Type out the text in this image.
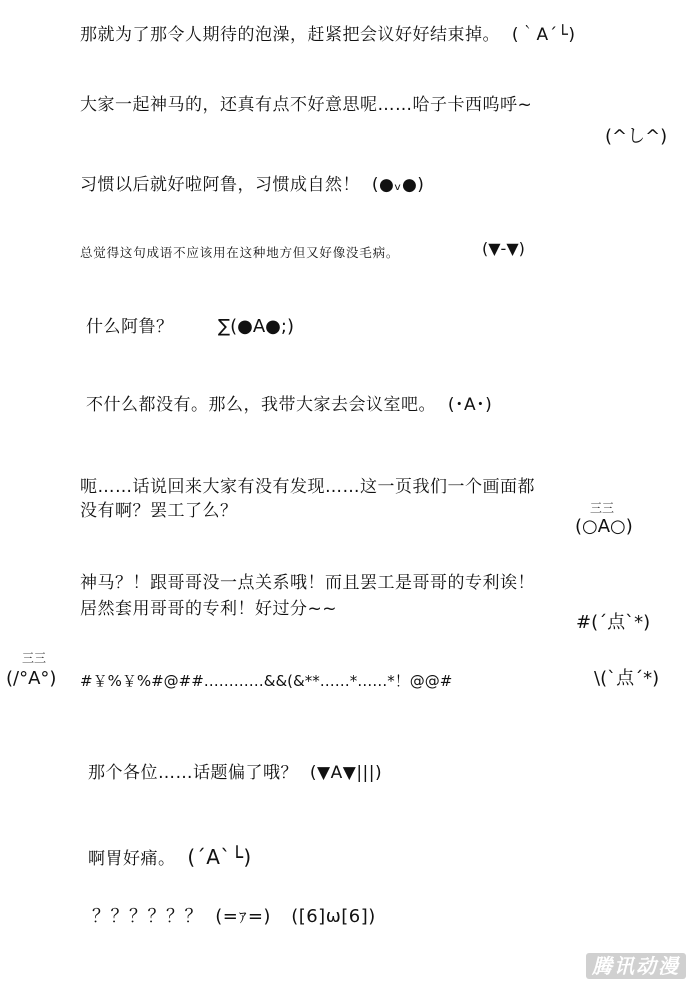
那就为了那令人期待的泡澡，赶紧把会议好好结束掉。 (｀A´└)
大家一起神马的，还真有点不好意思呢……哈子卡西呜呼~
(^し^)
习惯以后就好啦阿鲁，习惯成自然！ (●ᵥ●)
总觉得这句成语不应该用在这种地方但又好像没毛病。	(▼-▼)
什么阿鲁？ ∑(●A●;)
不什么都没有。那么，我带大家去会议室吧。 (･A･)
呃……话说回来大家有没有发现……这一页我们一个画面都
没有啊？罢工了么？	三三
(○A○)
神马？！跟哥哥没一点关系哦！而且罢工是哥哥的专利诶！
居然套用哥哥的专利！好过分~~
#(´点`*)
三三
(/°A°) #￥%￥%#@##…………&&(&**……*……*！@@#	\(`点´*)
那个各位……话题偏了哦？ (▼A▼|||)
啊胃好痛。 (´A`└)
？？？？？？ (=ｧ=) ([6]ω[6])
腾讯动漫
